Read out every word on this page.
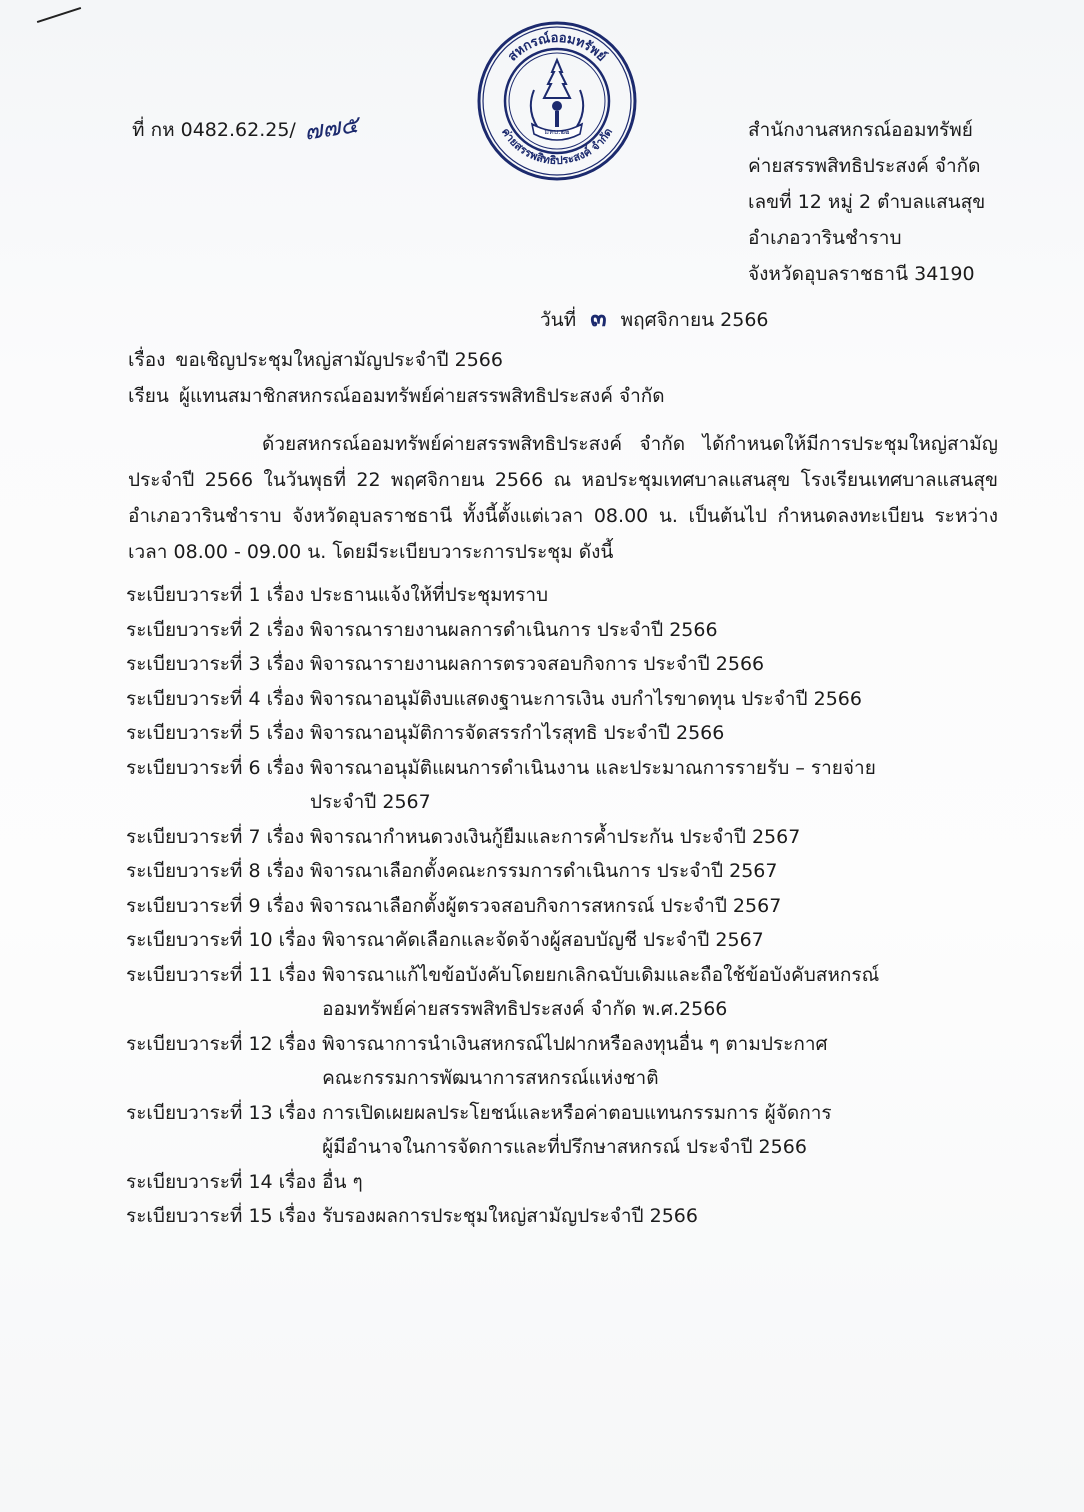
ที่ กห 0482.62.25/ ๗๗๕
สหกรณ์ออมทรัพย์
ค่ายสรรพสิทธิประสงค์ จำกัด
มทบ.๒๒	สำนักงานสหกรณ์ออมทรัพย์
ค่ายสรรพสิทธิประสงค์ จำกัด
เลขที่ 12 หมู่ 2 ตำบลแสนสุข
อำเภอวารินชำราบ
จังหวัดอุบลราชธานี 34190
วันที่ ๓ พฤศจิกายน 2566
เรื่อง ขอเชิญประชุมใหญ่สามัญประจำปี 2566
เรียน ผู้แทนสมาชิกสหกรณ์ออมทรัพย์ค่ายสรรพสิทธิประสงค์ จำกัด
ด้วยสหกรณ์ออมทรัพย์ค่ายสรรพสิทธิประสงค์ จำกัด ได้กำหนดให้มีการประชุมใหญ่สามัญประจำปี 2566 ในวันพุธที่ 22 พฤศจิกายน 2566 ณ หอประชุมเทศบาลแสนสุข โรงเรียนเทศบาลแสนสุข อำเภอวารินชำราบ จังหวัดอุบลราชธานี ทั้งนี้ตั้งแต่เวลา 08.00 น. เป็นต้นไป กำหนดลงทะเบียน ระหว่างเวลา 08.00 - 09.00 น. โดยมีระเบียบวาระการประชุม ดังนี้
ระเบียบวาระที่ 1 เรื่อง ประธานแจ้งให้ที่ประชุมทราบ
ระเบียบวาระที่ 2 เรื่อง พิจารณารายงานผลการดำเนินการ ประจำปี 2566
ระเบียบวาระที่ 3 เรื่อง พิจารณารายงานผลการตรวจสอบกิจการ ประจำปี 2566
ระเบียบวาระที่ 4 เรื่อง พิจารณาอนุมัติงบแสดงฐานะการเงิน งบกำไรขาดทุน ประจำปี 2566
ระเบียบวาระที่ 5 เรื่อง พิจารณาอนุมัติการจัดสรรกำไรสุทธิ ประจำปี 2566
ระเบียบวาระที่ 6 เรื่อง พิจารณาอนุมัติแผนการดำเนินงาน และประมาณการรายรับ – รายจ่าย
ประจำปี 2567
ระเบียบวาระที่ 7 เรื่อง พิจารณากำหนดวงเงินกู้ยืมและการค้ำประกัน ประจำปี 2567
ระเบียบวาระที่ 8 เรื่อง พิจารณาเลือกตั้งคณะกรรมการดำเนินการ ประจำปี 2567
ระเบียบวาระที่ 9 เรื่อง พิจารณาเลือกตั้งผู้ตรวจสอบกิจการสหกรณ์ ประจำปี 2567
ระเบียบวาระที่ 10 เรื่อง พิจารณาคัดเลือกและจัดจ้างผู้สอบบัญชี ประจำปี 2567
ระเบียบวาระที่ 11 เรื่อง พิจารณาแก้ไขข้อบังคับโดยยกเลิกฉบับเดิมและถือใช้ข้อบังคับสหกรณ์
ออมทรัพย์ค่ายสรรพสิทธิประสงค์ จำกัด พ.ศ.2566
ระเบียบวาระที่ 12 เรื่อง พิจารณาการนำเงินสหกรณ์ไปฝากหรือลงทุนอื่น ๆ ตามประกาศ
คณะกรรมการพัฒนาการสหกรณ์แห่งชาติ
ระเบียบวาระที่ 13 เรื่อง การเปิดเผยผลประโยชน์และหรือค่าตอบแทนกรรมการ ผู้จัดการ
ผู้มีอำนาจในการจัดการและที่ปรึกษาสหกรณ์ ประจำปี 2566
ระเบียบวาระที่ 14 เรื่อง อื่น ๆ
ระเบียบวาระที่ 15 เรื่อง รับรองผลการประชุมใหญ่สามัญประจำปี 2566
